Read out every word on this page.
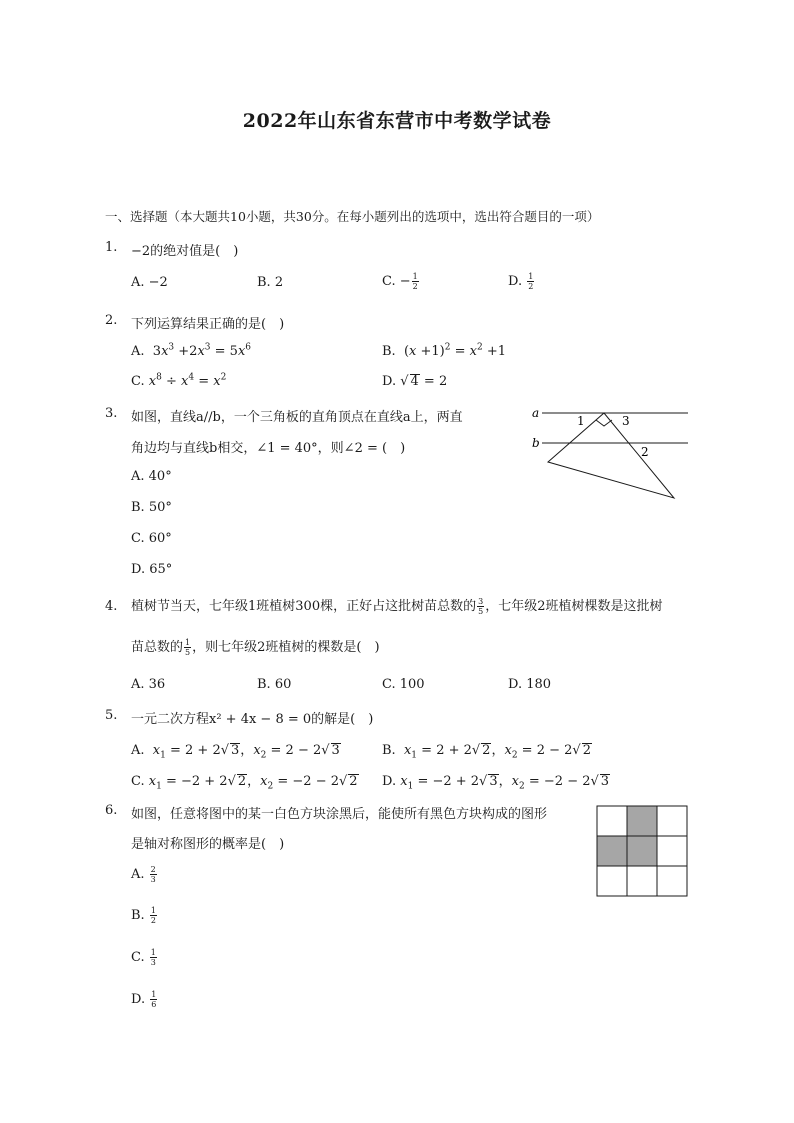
2022年山东省东营市中考数学试卷
一、选择题（本大题共10小题，共30分。在每小题列出的选项中，选出符合题目的一项）
1. −2的绝对值是(　)
A. −2	B. 2	C. − $\frac{1}{2}$	D. $\frac{1}{2}$
2. 下列运算结果正确的是(　)
A.  $3x^3 +2x^3 = 5x^6$	B.  $(x +1)^2 = x^2 +1$
C. $x^8 \div x^4 = x^2$	D. √ 4 = 2
3. 如图，直线a//b，一个三角板的直角顶点在直线a上，两直
角边均与直线b相交，∠1 = 40°，则∠2 = (　)
A. 40°
B. 50°
C. 60°
D. 65°
a
b
1	3
2
4. 植树节当天，七年级1班植树300棵，正好占这批树苗总数的 $\frac{3}{5}$ ，七年级2班植树棵数是这批树
苗总数的 $\frac{1}{5}$ ，则七年级2班植树的棵数是(　)
A. 36	B. 60	C. 100	D. 180
5. 一元二次方程x² + 4x − 8 = 0的解是(　)
A.  $x_1 = 2 + 2√$ 3，$x_2 = 2 - 2√$ 3	B.  $x_1 = 2 + 2√$ 2，$x_2 = 2 - 2√$ 2
C. $x_1 = -2 + 2√$ 2，$x_2 = -2 - 2√$ 2 D. $x_1 = -2 + 2√$ 3，$x_2 = -2 - 2√$ 3
6. 如图，任意将图中的某一白色方块涂黑后，能使所有黑色方块构成的图形
是轴对称图形的概率是(　)
A. $\frac{2}{3}$
B. $\frac{1}{2}$
C. $\frac{1}{3}$
D. $\frac{1}{6}$
